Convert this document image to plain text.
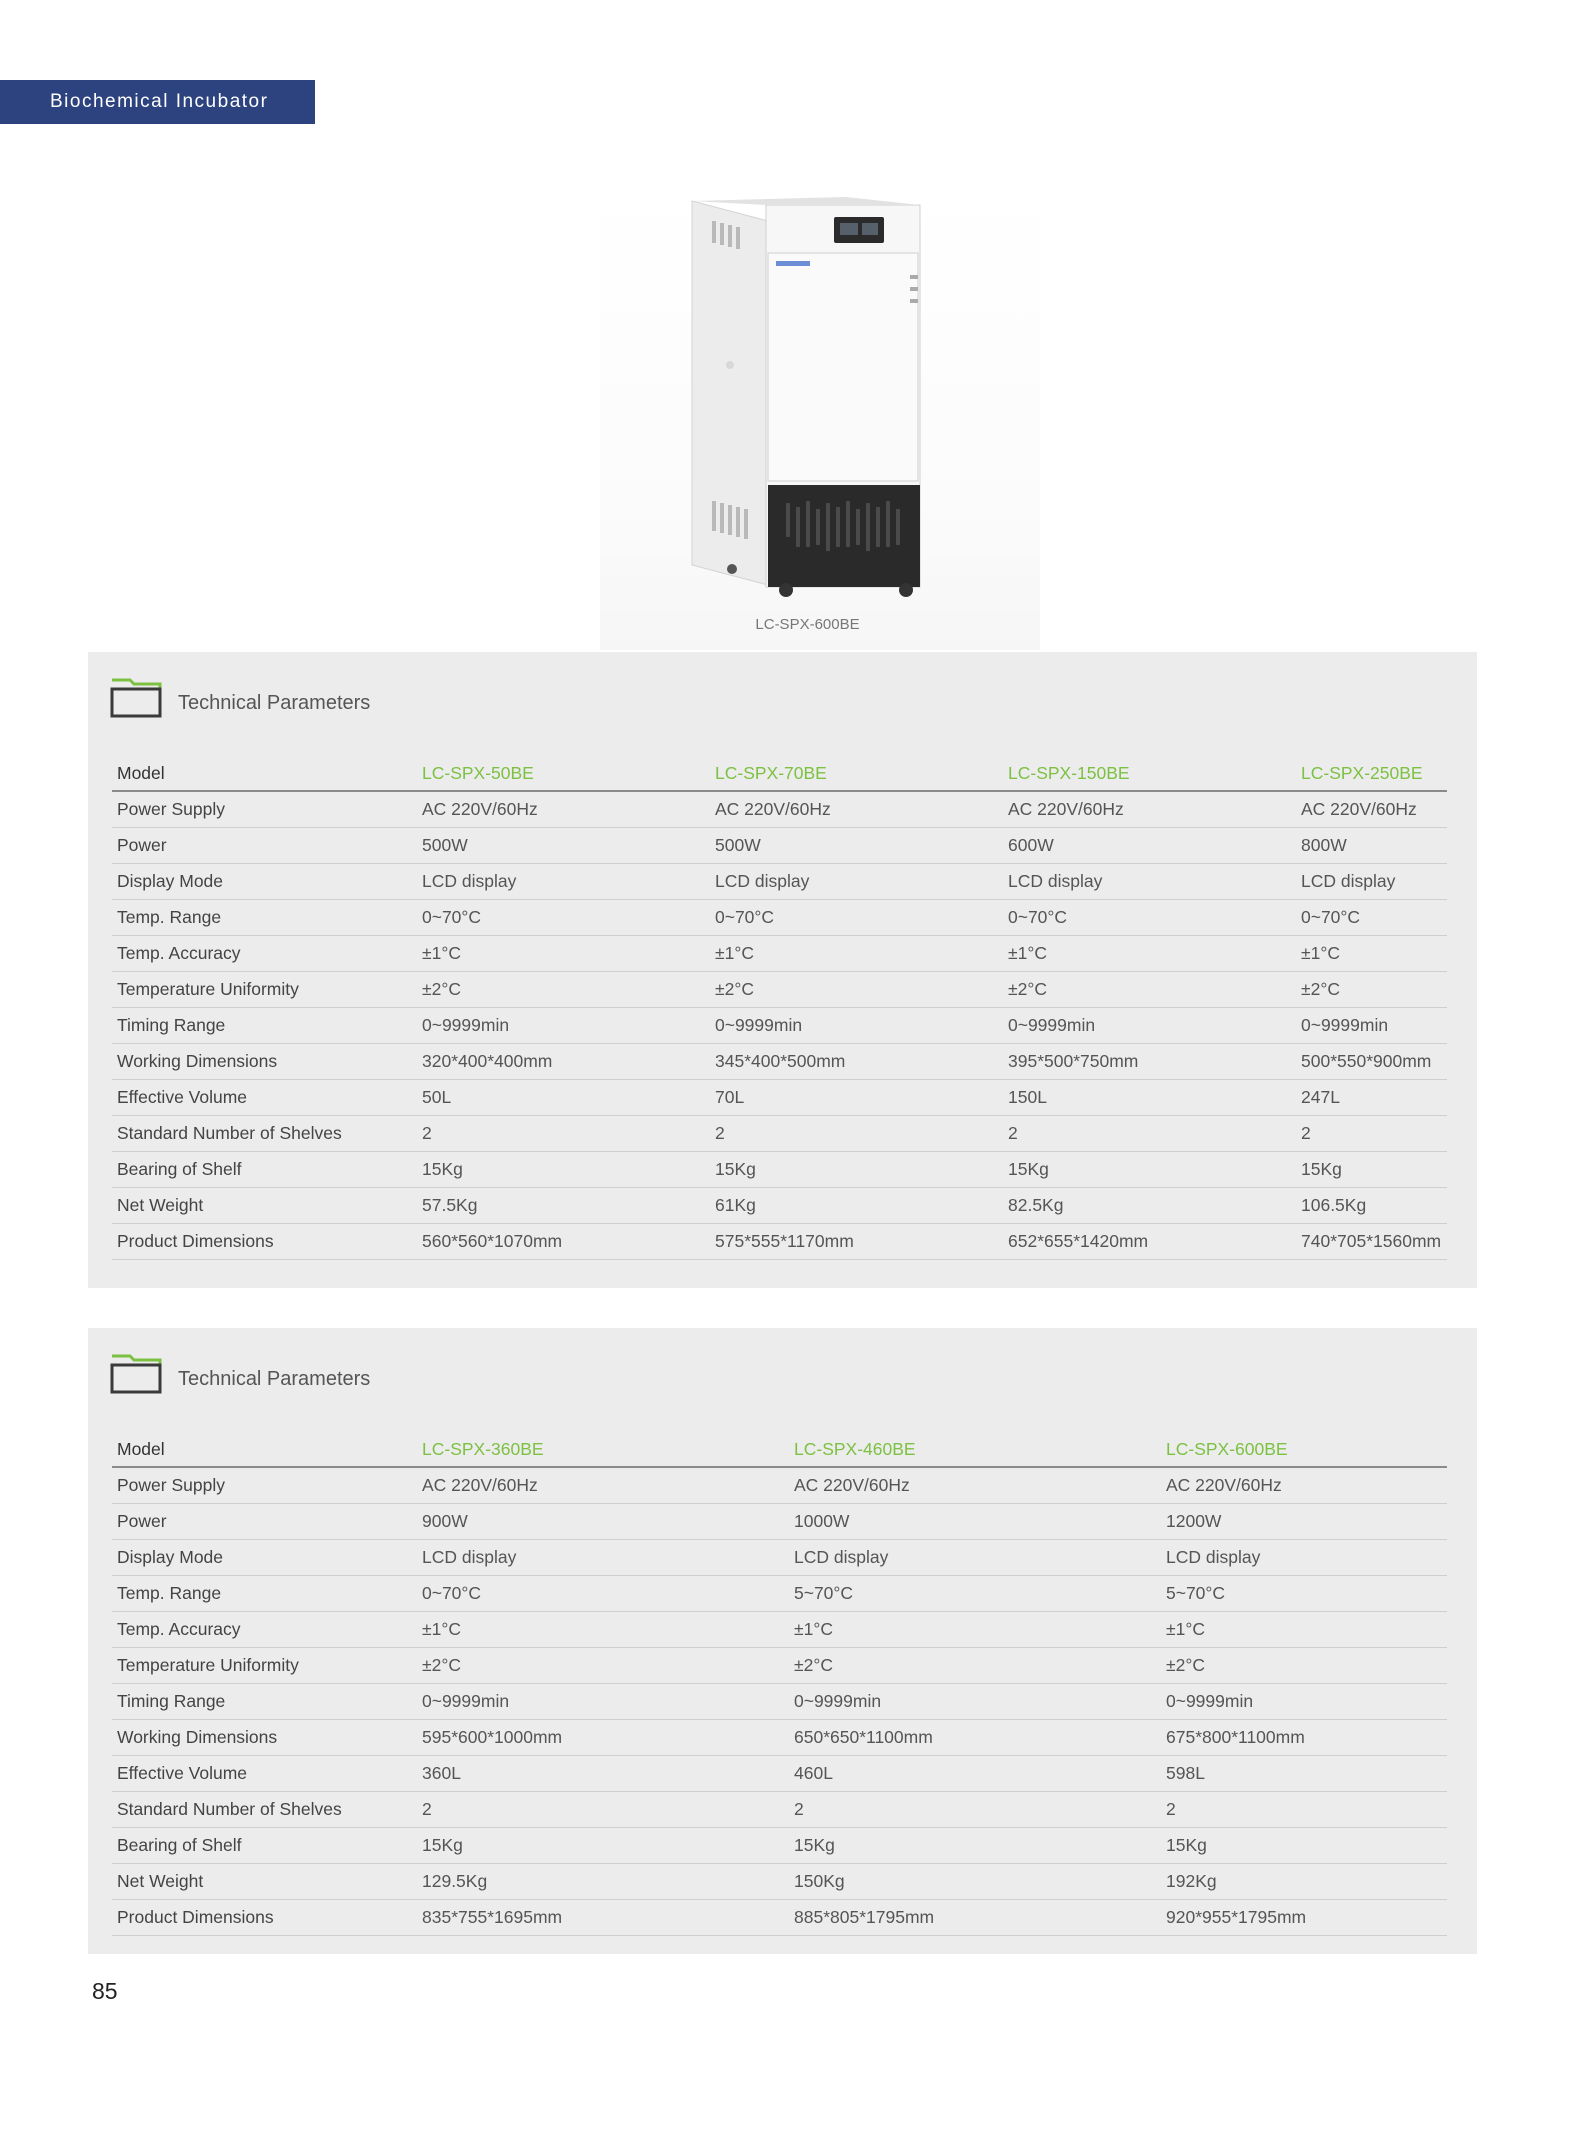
Biochemical Incubator
LC-SPX-600BE
Technical Parameters
Model	LC-SPX-50BE	LC-SPX-70BE	LC-SPX-150BE	LC-SPX-250BE
Power Supply	AC 220V/60Hz	AC 220V/60Hz	AC 220V/60Hz	AC 220V/60Hz
Power	500W	500W	600W	800W
Display Mode	LCD display	LCD display	LCD display	LCD display
Temp. Range	0~70°C	0~70°C	0~70°C	0~70°C
Temp. Accuracy	±1°C	±1°C	±1°C	±1°C
Temperature Uniformity	±2°C	±2°C	±2°C	±2°C
Timing Range	0~9999min	0~9999min	0~9999min	0~9999min
Working Dimensions	320*400*400mm	345*400*500mm	395*500*750mm	500*550*900mm
Effective Volume	50L	70L	150L	247L
Standard Number of Shelves	2	2	2	2
Bearing of Shelf	15Kg	15Kg	15Kg	15Kg
Net Weight	57.5Kg	61Kg	82.5Kg	106.5Kg
Product Dimensions	560*560*1070mm	575*555*1170mm	652*655*1420mm	740*705*1560mm
Technical Parameters
Model	LC-SPX-360BE	LC-SPX-460BE	LC-SPX-600BE
Power Supply	AC 220V/60Hz	AC 220V/60Hz	AC 220V/60Hz
Power	900W	1000W	1200W
Display Mode	LCD display	LCD display	LCD display
Temp. Range	0~70°C	5~70°C	5~70°C
Temp. Accuracy	±1°C	±1°C	±1°C
Temperature Uniformity	±2°C	±2°C	±2°C
Timing Range	0~9999min	0~9999min	0~9999min
Working Dimensions	595*600*1000mm	650*650*1100mm	675*800*1100mm
Effective Volume	360L	460L	598L
Standard Number of Shelves	2	2	2
Bearing of Shelf	15Kg	15Kg	15Kg
Net Weight	129.5Kg	150Kg	192Kg
Product Dimensions	835*755*1695mm	885*805*1795mm	920*955*1795mm
85
